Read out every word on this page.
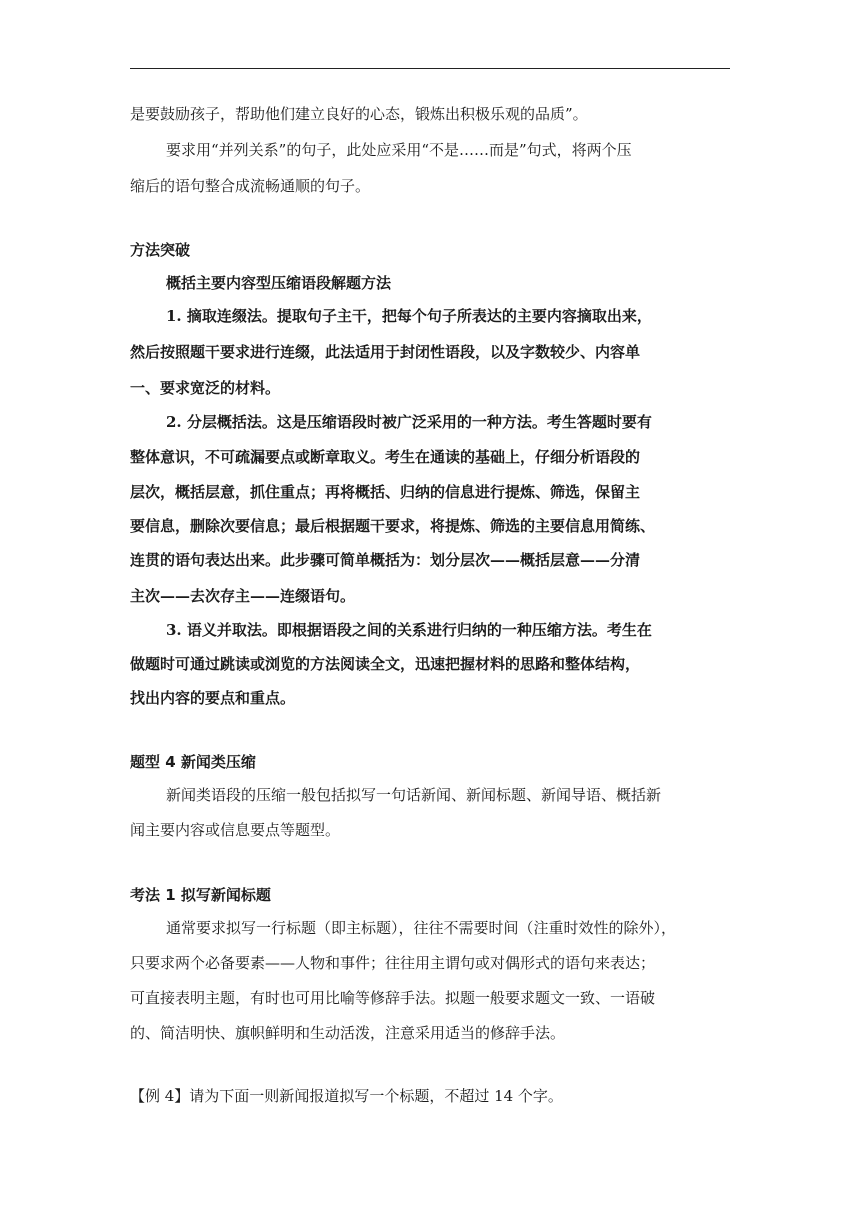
是要鼓励孩子，帮助他们建立良好的心态，锻炼出积极乐观的品质”。
要求用“并列关系”的句子，此处应采用“不是……而是”句式，将两个压
缩后的语句整合成流畅通顺的句子。
方法突破
概括主要内容型压缩语段解题方法
1. 摘取连缀法。提取句子主干，把每个句子所表达的主要内容摘取出来，
然后按照题干要求进行连缀，此法适用于封闭性语段，以及字数较少、内容单
一、要求宽泛的材料。
2. 分层概括法。这是压缩语段时被广泛采用的一种方法。考生答题时要有
整体意识，不可疏漏要点或断章取义。考生在通读的基础上，仔细分析语段的
层次，概括层意，抓住重点；再将概括、归纳的信息进行提炼、筛选，保留主
要信息，删除次要信息；最后根据题干要求，将提炼、筛选的主要信息用简练、
连贯的语句表达出来。此步骤可简单概括为：划分层次——概括层意——分清
主次——去次存主——连缀语句。
3. 语义并取法。即根据语段之间的关系进行归纳的一种压缩方法。考生在
做题时可通过跳读或浏览的方法阅读全文，迅速把握材料的思路和整体结构，
找出内容的要点和重点。
题型 4 新闻类压缩
新闻类语段的压缩一般包括拟写一句话新闻、新闻标题、新闻导语、概括新
闻主要内容或信息要点等题型。
考法 1 拟写新闻标题
通常要求拟写一行标题（即主标题），往往不需要时间（注重时效性的除外），
只要求两个必备要素——人物和事件；往往用主谓句或对偶形式的语句来表达；
可直接表明主题，有时也可用比喻等修辞手法。拟题一般要求题文一致、一语破
的、简洁明快、旗帜鲜明和生动活泼，注意采用适当的修辞手法。
【例 4】请为下面一则新闻报道拟写一个标题，不超过 14 个字。
